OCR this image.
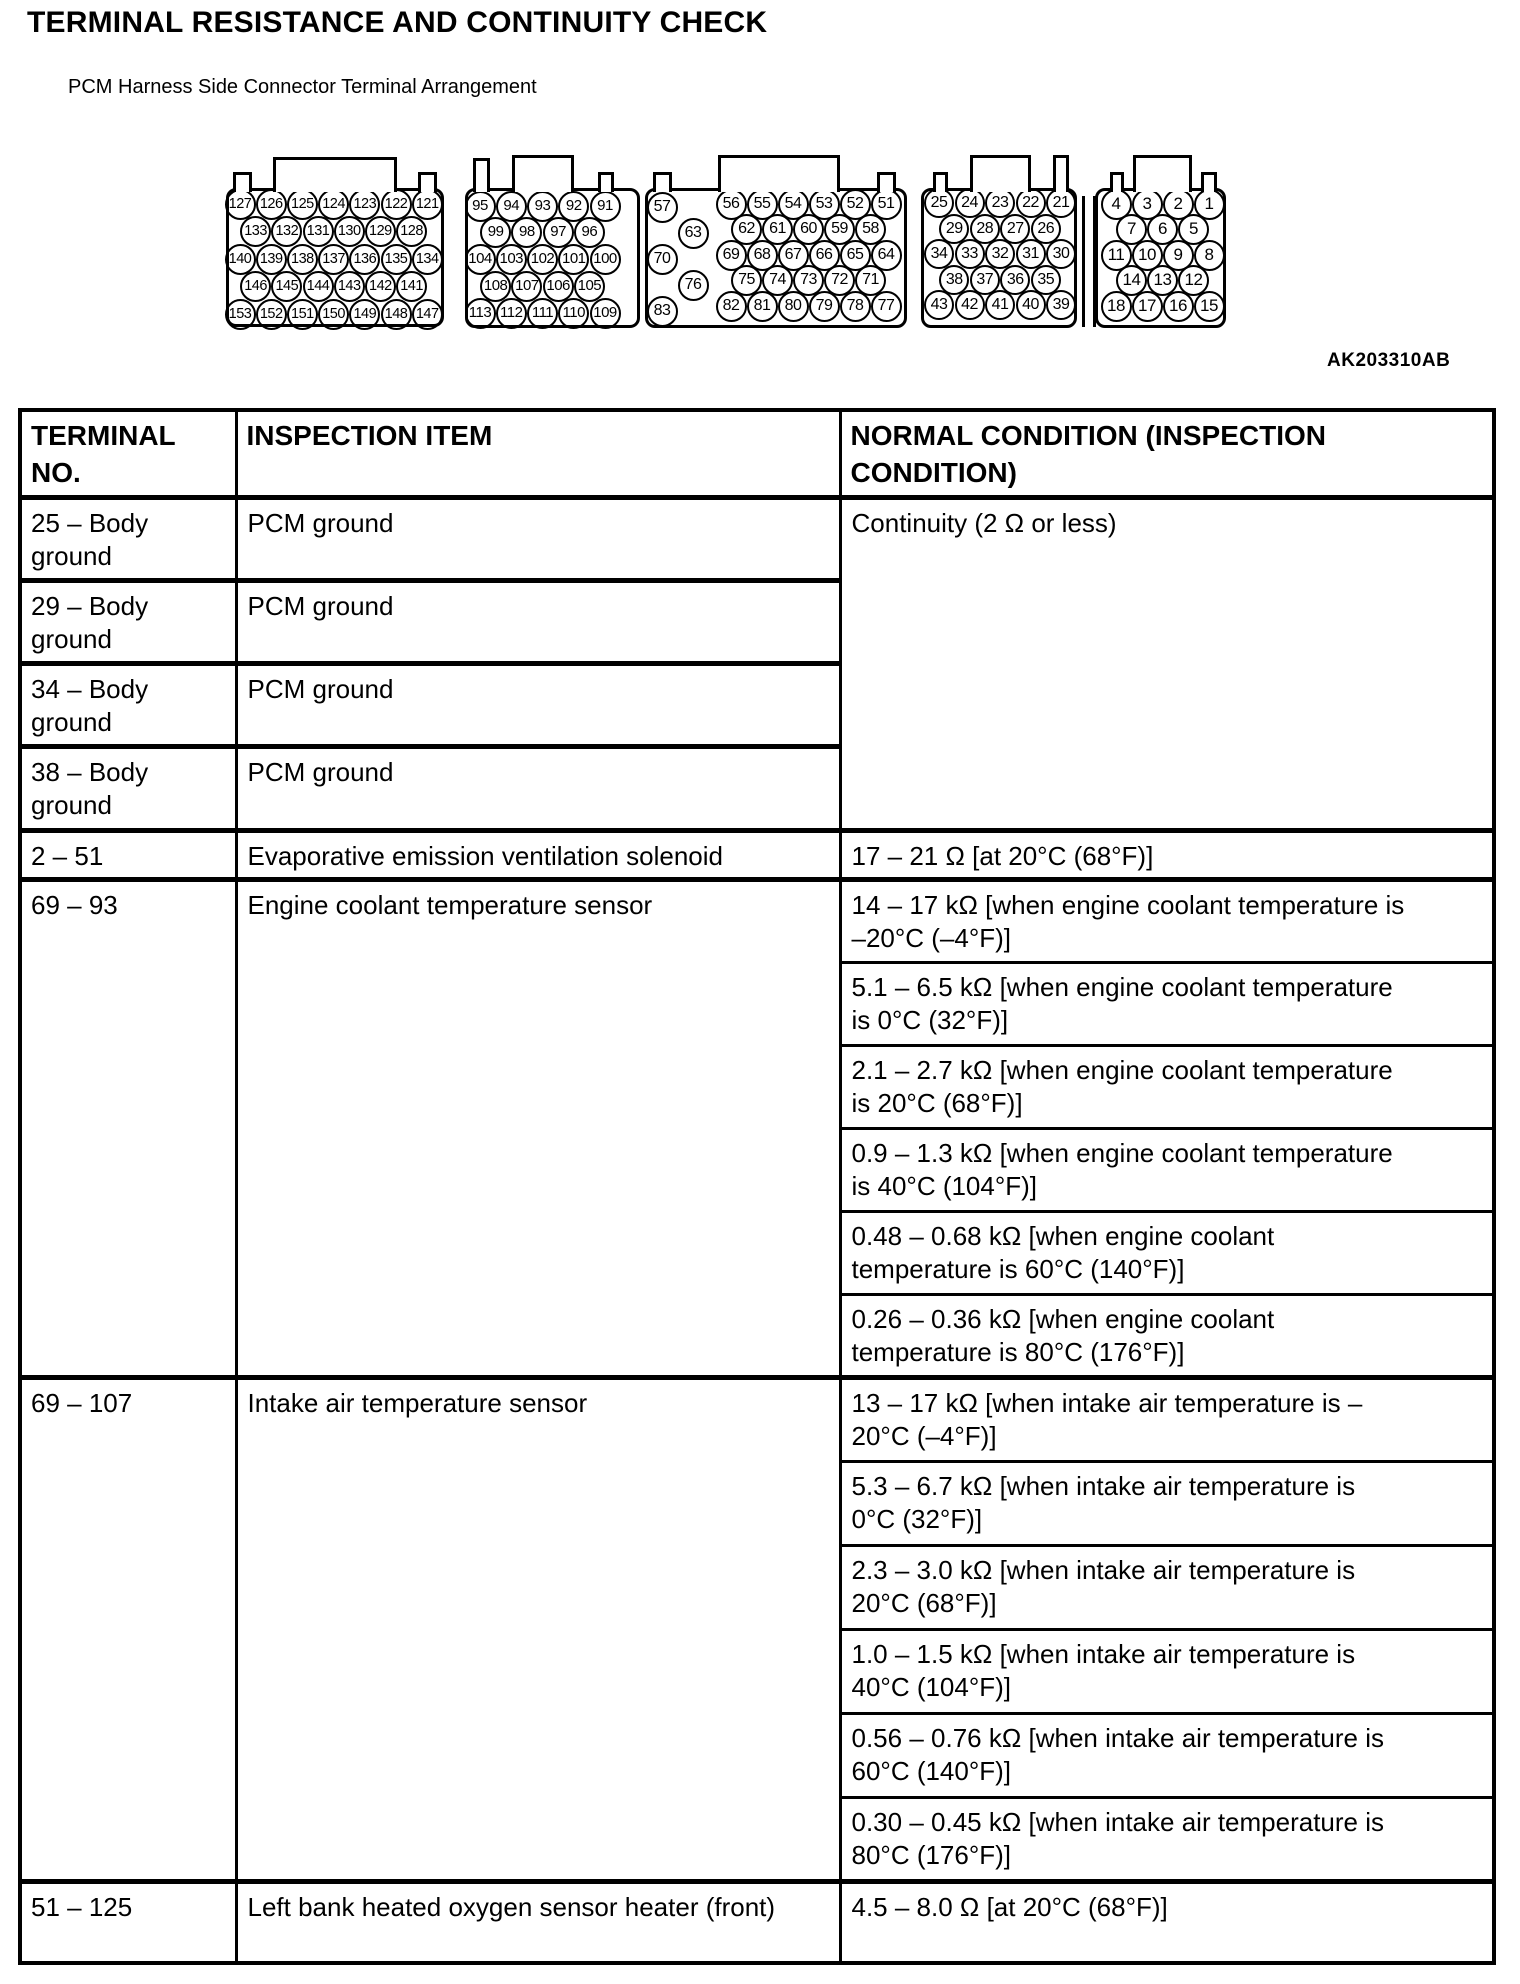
TERMINAL RESISTANCE AND CONTINUITY CHECK
PCM Harness Side Connector Terminal Arrangement
127 126 125 124 123 122 121
133 132 131 130 129 128
140 139 138 137 136 135 134
146 145 144 143 142 141
153 152 151 150 149 148 147
95	94	93	92	91
99	98	97	96
104 103 102 101 100
108 107 106 105
113 112 111 110 109
56 55 54 53 52 51
62 61 60 59 58
69 68 67 66 65 64
75 74 73 72 71
82 81 80 79 78 77
57
63
70
76
83
25 24 23 22 21
29 28 27 26
34 33 32 31 30
38 37 36 35
43 42 41 40 39
4	3	2	1
7	6	5
11 10	9	8
14 13 12
18 17 16 15
AK203310AB
TERMINAL NO.	INSPECTION ITEM	NORMAL CONDITION (INSPECTION CONDITION)
25 – Body ground	PCM ground	Continuity (2 Ω or less)
29 – Body ground	PCM ground	
34 – Body ground	PCM ground	
38 – Body ground	PCM ground	
2 – 51	Evaporative emission ventilation solenoid	17 – 21 Ω [at 20°C (68°F)]
69 – 93	Engine coolant temperature sensor	14 – 17 kΩ [when engine coolant temperature is –20°C (–4°F)]
		5.1 – 6.5 kΩ [when engine coolant temperature is 0°C (32°F)]
		2.1 – 2.7 kΩ [when engine coolant temperature is 20°C (68°F)]
		0.9 – 1.3 kΩ [when engine coolant temperature is 40°C (104°F)]
		0.48 – 0.68 kΩ [when engine coolant temperature is 60°C (140°F)]
		0.26 – 0.36 kΩ [when engine coolant temperature is 80°C (176°F)]
69 – 107	Intake air temperature sensor	13 – 17 kΩ [when intake air temperature is –20°C (–4°F)]
		5.3 – 6.7 kΩ [when intake air temperature is 0°C (32°F)]
		2.3 – 3.0 kΩ [when intake air temperature is 20°C (68°F)]
		1.0 – 1.5 kΩ [when intake air temperature is 40°C (104°F)]
		0.56 – 0.76 kΩ [when intake air temperature is 60°C (140°F)]
		0.30 – 0.45 kΩ [when intake air temperature is 80°C (176°F)]
51 – 125	Left bank heated oxygen sensor heater (front)	4.5 – 8.0 Ω [at 20°C (68°F)]
